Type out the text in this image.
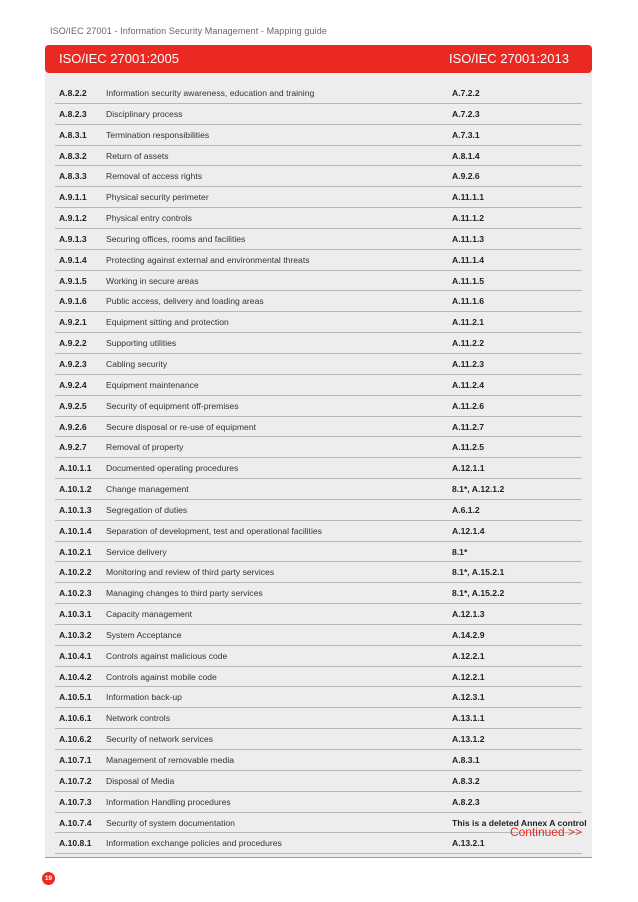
ISO/IEC 27001 - Information Security Management - Mapping guide
ISO/IEC 27001:2005	ISO/IEC 27001:2013
A.8.2.2 Information security awareness, education and training	A.7.2.2
A.8.2.3 Disciplinary process	A.7.2.3
A.8.3.1 Termination responsibilities	A.7.3.1
A.8.3.2 Return of assets	A.8.1.4
A.8.3.3 Removal of access rights	A.9.2.6
A.9.1.1 Physical security perimeter	A.11.1.1
A.9.1.2 Physical entry controls	A.11.1.2
A.9.1.3 Securing offices, rooms and facilities	A.11.1.3
A.9.1.4 Protecting against external and environmental threats	A.11.1.4
A.9.1.5 Working in secure areas	A.11.1.5
A.9.1.6 Public access, delivery and loading areas	A.11.1.6
A.9.2.1 Equipment sitting and protection	A.11.2.1
A.9.2.2 Supporting utilities	A.11.2.2
A.9.2.3 Cabling security	A.11.2.3
A.9.2.4 Equipment maintenance	A.11.2.4
A.9.2.5 Security of equipment off-premises	A.11.2.6
A.9.2.6 Secure disposal or re-use of equipment	A.11.2.7
A.9.2.7 Removal of property	A.11.2.5
A.10.1.1 Documented operating procedures	A.12.1.1
A.10.1.2 Change management	8.1*, A.12.1.2
A.10.1.3 Segregation of duties	A.6.1.2
A.10.1.4 Separation of development, test and operational facilities	A.12.1.4
A.10.2.1 Service delivery	8.1*
A.10.2.2 Monitoring and review of third party services	8.1*, A.15.2.1
A.10.2.3 Managing changes to third party services	8.1*, A.15.2.2
A.10.3.1 Capacity management	A.12.1.3
A.10.3.2 System Acceptance	A.14.2.9
A.10.4.1 Controls against malicious code	A.12.2.1
A.10.4.2 Controls against mobile code	A.12.2.1
A.10.5.1 Information back-up	A.12.3.1
A.10.6.1 Network controls	A.13.1.1
A.10.6.2 Security of network services	A.13.1.2
A.10.7.1 Management of removable media	A.8.3.1
A.10.7.2 Disposal of Media	A.8.3.2
A.10.7.3 Information Handling procedures	A.8.2.3
A.10.7.4 Security of system documentation	This is a deleted Annex A control
A.10.8.1 Information exchange policies and procedures	A.13.2.1
Continued >>
19
